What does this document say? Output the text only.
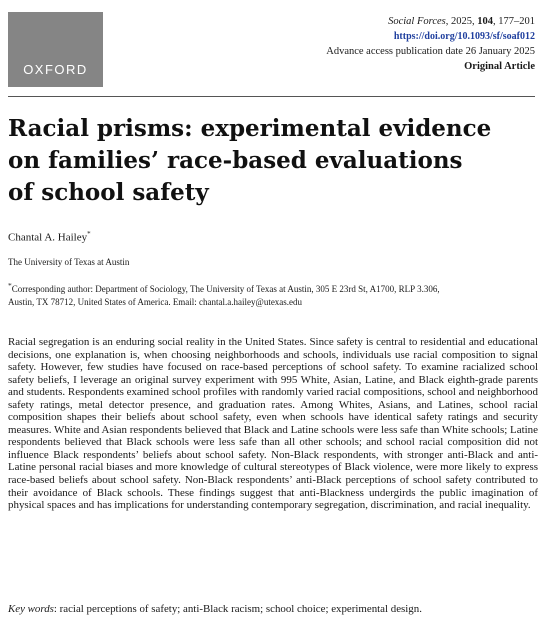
OXFORD
Social Forces, 2025, 104, 177–201
https://doi.org/10.1093/sf/soaf012
Advance access publication date 26 January 2025
Original Article
Racial prisms: experimental evidence
on families’ race-based evaluations
of school safety
Chantal A. Hailey*
The University of Texas at Austin
*Corresponding author: Department of Sociology, The University of Texas at Austin, 305 E 23rd St, A1700, RLP 3.306,
Austin, TX 78712, United States of America. Email: chantal.a.hailey@utexas.edu

Racial segregation is an enduring social reality in the United States. Since safety is central to residential and educational decisions, one explanation is, when choosing neighborhoods and schools, individuals use racial composition to signal safety. However, few studies have focused on race-based perceptions of school safety. To examine racialized school safety beliefs, I leverage an original survey experiment with 995 White, Asian, Latine, and Black eighth-grade parents and students. Respondents examined school profiles with randomly varied racial compositions, school and neighborhood safety ratings, metal detector presence, and graduation rates. Among Whites, Asians, and Latines, school racial composition shapes their beliefs about school safety, even when schools have identical safety ratings and security measures. White and Asian respondents believed that Black and Latine schools were less safe than White schools; Latine respondents believed that Black schools were less safe than all other schools; and school racial composition did not influence Black respondents’ beliefs about school safety. Non-Black respondents, with stronger anti-Black and anti-Latine personal racial biases and more knowledge of cultural stereotypes of Black violence, were more likely to express race-based beliefs about school safety. Non-Black respondents’ anti-Black perceptions of school safety contributed to their avoidance of Black schools. These findings suggest that anti-Blackness undergirds the public imagination of physical spaces and has implications for understanding contemporary segregation, discrimination, and racial inequality.

Key words: racial perceptions of safety; anti-Black racism; school choice; experimental design.
